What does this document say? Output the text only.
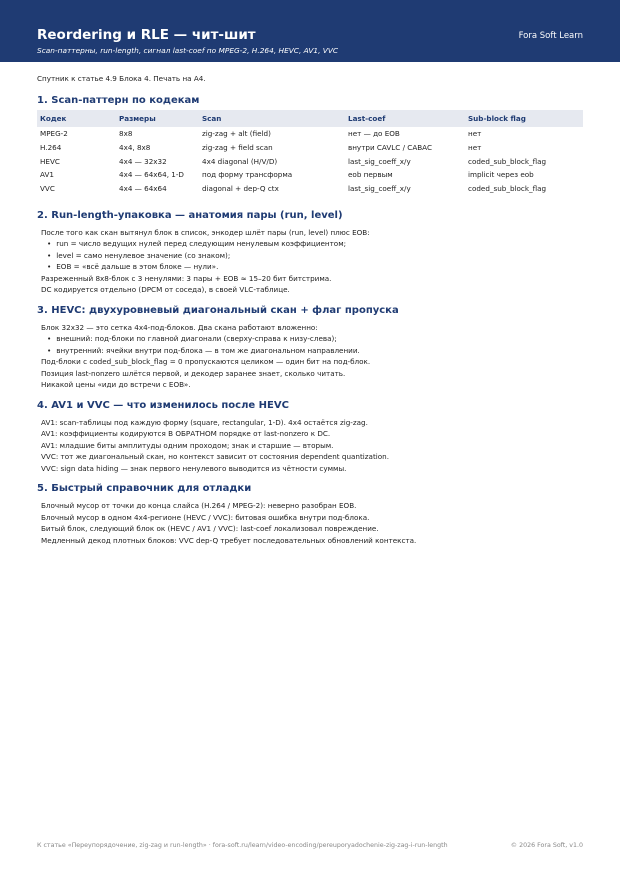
Reordering и RLE — чит-шит
Scan-паттерны, run-length, сигнал last-coef по MPEG-2, H.264, HEVC, AV1, VVC
Fora Soft Learn
Спутник к статье 4.9 Блока 4. Печать на A4.
1. Scan-паттерн по кодекам
Кодек	Размеры	Scan	Last-coef	Sub-block flag
MPEG-2	8x8	zig-zag + alt (field)	нет — до EOB	нет
H.264	4x4, 8x8	zig-zag + field scan	внутри CAVLC / CABAC	нет
HEVC	4x4 — 32x32	4x4 diagonal (H/V/D)	last_sig_coeff_x/y	coded_sub_block_flag
AV1	4x4 — 64x64, 1-D	под форму трансформа	eob первым	implicit через eob
VVC	4x4 — 64x64	diagonal + dep-Q ctx	last_sig_coeff_x/y	coded_sub_block_flag
2. Run-length-упаковка — анатомия пары (run, level)
После того как скан вытянул блок в список, энкодер шлёт пары (run, level) плюс EOB:
• run = число ведущих нулей перед следующим ненулевым коэффициентом;
• level = само ненулевое значение (со знаком);
• EOB = «всё дальше в этом блоке — нули».
Разреженный 8x8-блок с 3 ненулями: 3 пары + EOB ≈ 15–20 бит битстрима.
DC кодируется отдельно (DPCM от соседа), в своей VLC-таблице.
3. HEVC: двухуровневый диагональный скан + флаг пропуска
Блок 32x32 — это сетка 4x4-под-блоков. Два скана работают вложенно:
• внешний: под-блоки по главной диагонали (сверху-справа к низу-слева);
• внутренний: ячейки внутри под-блока — в том же диагональном направлении.
Под-блоки с coded_sub_block_flag = 0 пропускаются целиком — один бит на под-блок.
Позиция last-nonzero шлётся первой, и декодер заранее знает, сколько читать.
Никакой цены «иди до встречи с EOB».
4. AV1 и VVC — что изменилось после HEVC
AV1: scan-таблицы под каждую форму (square, rectangular, 1-D). 4x4 остаётся zig-zag.
AV1: коэффициенты кодируются В ОБРАТНОМ порядке от last-nonzero к DC.
AV1: младшие биты амплитуды одним проходом; знак и старшие — вторым.
VVC: тот же диагональный скан, но контекст зависит от состояния dependent quantization.
VVC: sign data hiding — знак первого ненулевого выводится из чётности суммы.
5. Быстрый справочник для отладки
Блочный мусор от точки до конца слайса (H.264 / MPEG-2): неверно разобран EOB.
Блочный мусор в одном 4x4-регионе (HEVC / VVC): битовая ошибка внутри под-блока.
Битый блок, следующий блок ок (HEVC / AV1 / VVC): last-coef локализовал повреждение.
Медленный декод плотных блоков: VVC dep-Q требует последовательных обновлений контекста.
К статье «Переупорядочение, zig-zag и run-length» · fora-soft.ru/learn/video-encoding/pereuporyadochenie-zig-zag-i-run-length	© 2026 Fora Soft, v1.0
